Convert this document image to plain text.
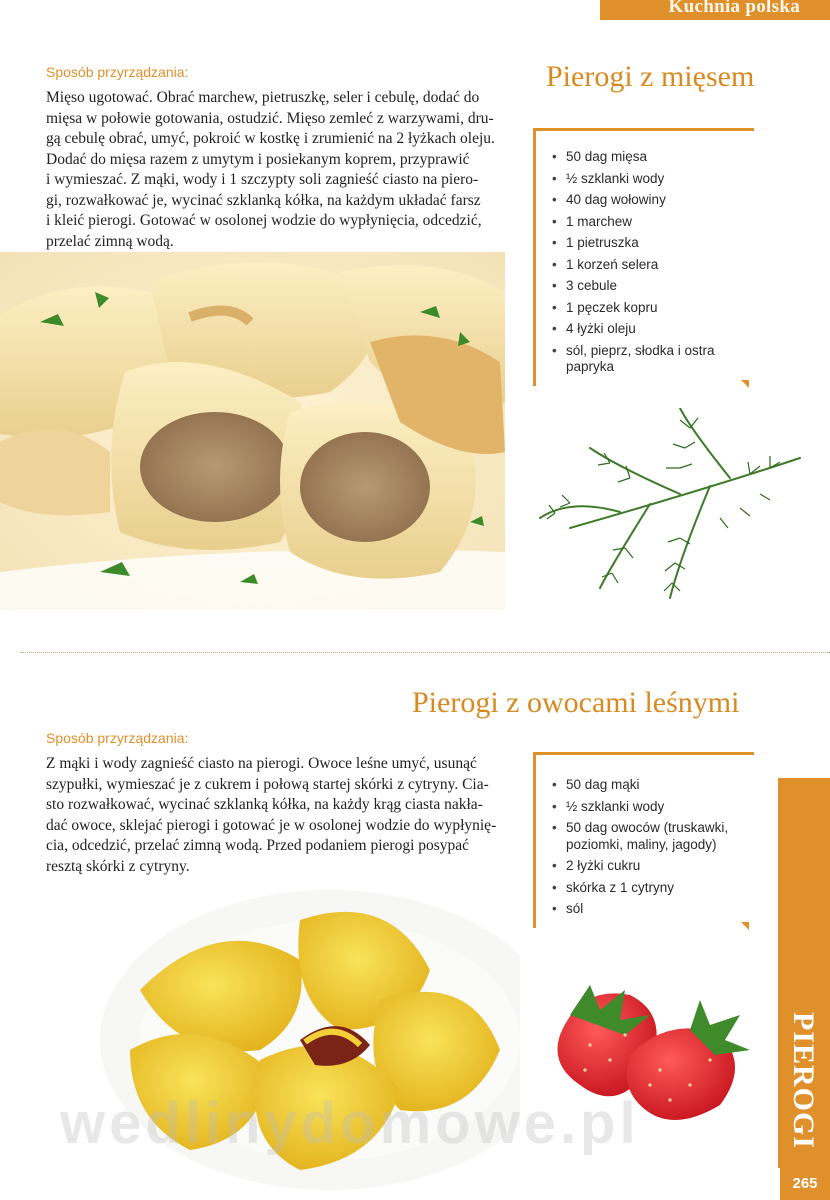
Kuchnia polska
Sposób przyrządzania:
Mięso ugotować. Obrać marchew, pietruszkę, seler i cebulę, dodać do
mięsa w połowie gotowania, ostudzić. Mięso zemleć z warzywami, dru-
gą cebulę obrać, umyć, pokroić w kostkę i zrumienić na 2 łyżkach oleju.
Dodać do mięsa razem z umytym i posiekanym koprem, przyprawić
i wymieszać. Z mąki, wody i 1 szczypty soli zagnieść ciasto na piero-
gi, rozwałkować je, wycinać szklanką kółka, na każdym układać farsz
i kleić pierogi. Gotować w osolonej wodzie do wypłynięcia, odcedzić,
przelać zimną wodą.
Pierogi z mięsem
• 50 dag mięsa
• ½ szklanki wody
• 40 dag wołowiny
• 1 marchew
• 1 pietruszka
• 1 korzeń selera
• 3 cebule
• 1 pęczek kopru
• 4 łyżki oleju
• sól, pieprz, słodka i ostra papryka
Pierogi z owocami leśnymi
Sposób przyrządzania:
Z mąki i wody zagnieść ciasto na pierogi. Owoce leśne umyć, usunąć
szypułki, wymieszać je z cukrem i połową startej skórki z cytryny. Cia-
sto rozwałkować, wycinać szklanką kółka, na każdy krąg ciasta nakła-
dać owoce, sklejać pierogi i gotować je w osolonej wodzie do wypłynię-
cia, odcedzić, przelać zimną wodą. Przed podaniem pierogi posypać
resztą skórki z cytryny.
• 50 dag mąki
• ½ szklanki wody
• 50 dag owoców (truskawki, poziomki, maliny, jagody)
• 2 łyżki cukru
• skórka z 1 cytryny
• sól
PIEROGI
265
wedlinydomowe.pl
